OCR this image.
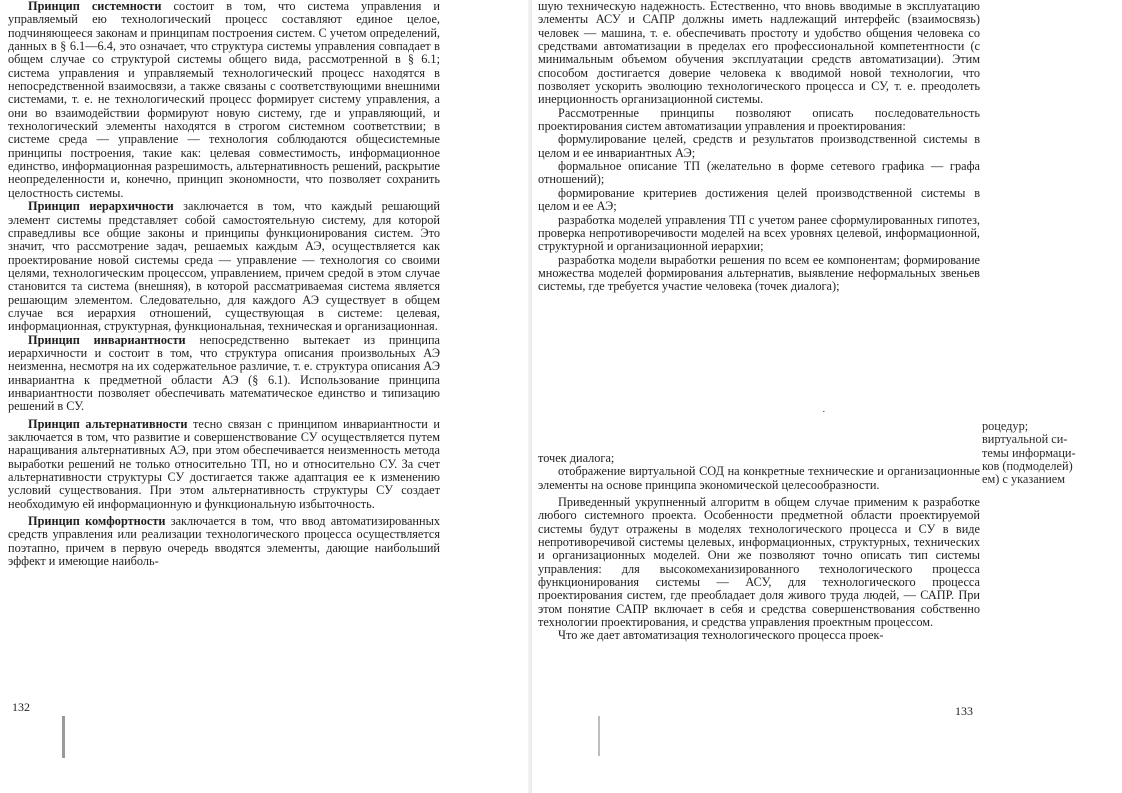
Принцип системности состоит в том, что система управления и управляемый ею технологический процесс составляют единое целое, подчиняющееся законам и принципам построения систем. С учетом определений, данных в § 6.1—6.4, это означает, что структура системы управления совпадает в общем случае со структурой системы общего вида, рассмотренной в § 6.1; система управления и управляемый технологический процесс находятся в непосредственной взаимосвязи, а также связаны с соответствующими внешними системами, т. е. не технологический процесс формирует систему управления, а они во взаимодействии формируют новую систему, где и управляющий, и технологический элементы находятся в строгом системном соответствии; в системе среда — управление — технология соблюдаются общесистемные принципы построения, такие как: целевая совместимость, информационное единство, информационная разрешимость, альтернативность решений, раскрытие неопределенности и, конечно, принцип экономности, что позволяет сохранить целостность системы.

Принцип иерархичности заключается в том, что каждый решающий элемент системы представляет собой самостоятельную систему, для которой справедливы все общие законы и принципы функционирования систем. Это значит, что рассмотрение задач, решаемых каждым АЭ, осуществляется как проектирование новой системы среда — управление — технология со своими целями, технологическим процессом, управлением, причем средой в этом случае становится та система (внешняя), в которой рассматриваемая система является решающим элементом. Следовательно, для каждого АЭ существует в общем случае вся иерархия отношений, существующая в системе: целевая, информационная, структурная, функциональная, техническая и организационная.

Принцип инвариантности непосредственно вытекает из принципа иерархичности и состоит в том, что структура описания произвольных АЭ неизменна, несмотря на их содержательное различие, т. е. структура описания АЭ инвариантна к предметной области АЭ (§ 6.1). Использование принципа инвариантности позволяет обеспечивать математическое единство и типизацию решений в СУ.

Принцип альтернативности тесно связан с принципом инвариантности и заключается в том, что развитие и совершенствование СУ осуществляется путем наращивания альтернативных АЭ, при этом обеспечивается неизменность метода выработки решений не только относительно ТП, но и относительно СУ. За счет альтернативности структуры СУ достигается также адаптация ее к изменению условий существования. При этом альтернативность структуры СУ создает необходимую ей информационную и функциональную избыточность.

Принцип комфортности заключается в том, что ввод автоматизированных средств управления или реализации технологического процесса осуществляется поэтапно, причем в первую очередь вводятся элементы, дающие наибольший эффект и имеющие наиболь-

132

шую техническую надежность. Естественно, что вновь вводимые в эксплуатацию элементы АСУ и САПР должны иметь надлежащий интерфейс (взаимосвязь) человек — машина, т. е. обеспечивать простоту и удобство общения человека со средствами автоматизации в пределах его профессиональной компетентности (с минимальным объемом обучения эксплуатации средств автоматизации). Этим способом достигается доверие человека к вводимой новой технологии, что позволяет ускорить эволюцию технологического процесса и СУ, т. е. преодолеть инерционность организационной системы.

Рассмотренные принципы позволяют описать последовательность проектирования систем автоматизации управления и проектирования:

формулирование целей, средств и результатов производственной системы в целом и ее инвариантных АЭ;

формальное описание ТП (желательно в форме сетевого графика — графа отношений);

формирование критериев достижения целей производственной системы в целом и ее АЭ;

разработка моделей управления ТП с учетом ранее сформулированных гипотез, проверка непротиворечивости моделей на всех уровнях целевой, информационной, структурной и организационной иерархии;

разработка модели выработки решения по всем ее компонентам; формирование множества моделей формирования альтернатив, выявление неформальных звеньев системы, где требуется участие человека (точек диалога);

·

точек диалога;

отображение виртуальной СОД на конкретные технические и организационные элементы на основе принципа экономической целесообразности.

Приведенный укрупненный алгоритм в общем случае применим к разработке любого системного проекта. Особенности предметной области проектируемой системы будут отражены в моделях технологического процесса и СУ в виде непротиворечивой системы целевых, информационных, структурных, технических и организационных моделей. Они же позволяют точно описать тип системы управления: для высокомеханизированного технологического процесса функционирования системы — АСУ, для технологического процесса проектирования систем, где преобладает доля живого труда людей, — САПР. При этом понятие САПР включает в себя и средства совершенствования собственно технологии проектирования, и средства управления проектным процессом.

Что же дает автоматизация технологического процесса проек-

133
роцедур;
виртуальной си-
темы информаци-
ков (подмоделей)
ем) с указанием
